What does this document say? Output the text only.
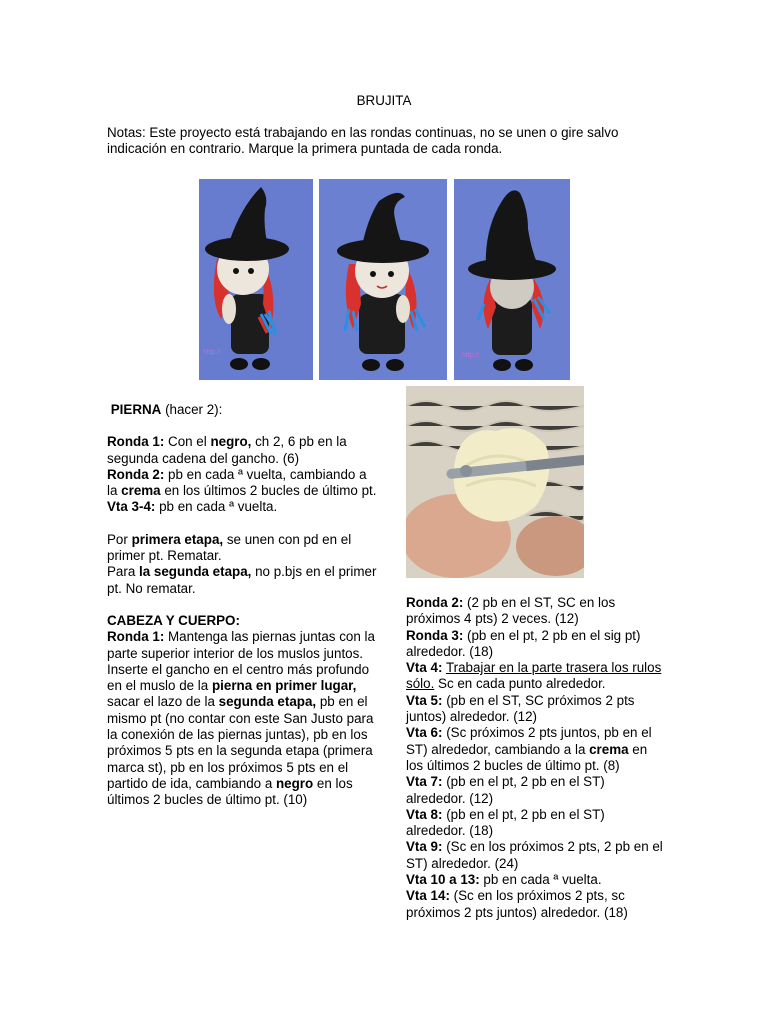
BRUJITA
Notas: Este proyecto está trabajando en las rondas continuas, no se unen o gire salvo indicación en contrario. Marque la primera puntada de cada ronda.
http://	http://

PIERNA (hacer 2):

Ronda 1: Con el negro, ch 2, 6 pb en la segunda cadena del gancho. (6)

Ronda 2: pb en cada ª vuelta, cambiando a la crema en los últimos 2 bucles de último pt.

Vta 3-4: pb en cada ª vuelta.

Por primera etapa, se unen con pd en el primer pt. Rematar.

Para la segunda etapa, no p.bjs en el primer pt. No rematar.

CABEZA Y CUERPO:

Ronda 1: Mantenga las piernas juntas con la parte superior interior de los muslos juntos. Inserte el gancho en el centro más profundo en el muslo de la pierna en primer lugar, sacar el lazo de la segunda etapa, pb en el mismo pt (no contar con este San Justo para la conexión de las piernas juntas), pb en los próximos 5 pts en la segunda etapa (primera marca st), pb en los próximos 5 pts en el partido de ida, cambiando a negro en los últimos 2 bucles de último pt. (10)

Ronda 2: (2 pb en el ST, SC en los próximos 4 pts) 2 veces. (12)

Ronda 3: (pb en el pt, 2 pb en el sig pt) alrededor. (18)

Vta 4: Trabajar en la parte trasera los rulos sólo. Sc en cada punto alrededor.

Vta 5: (pb en el ST, SC próximos 2 pts juntos) alrededor. (12)

Vta 6: (Sc próximos 2 pts juntos, pb en el ST) alrededor, cambiando a la crema en los últimos 2 bucles de último pt. (8)

Vta 7: (pb en el pt, 2 pb en el ST) alrededor. (12)

Vta 8: (pb en el pt, 2 pb en el ST) alrededor. (18)

Vta 9: (Sc en los próximos 2 pts, 2 pb en el ST) alrededor. (24)

Vta 10 a 13: pb en cada ª vuelta.

Vta 14: (Sc en los próximos 2 pts, sc próximos 2 pts juntos) alrededor. (18)
